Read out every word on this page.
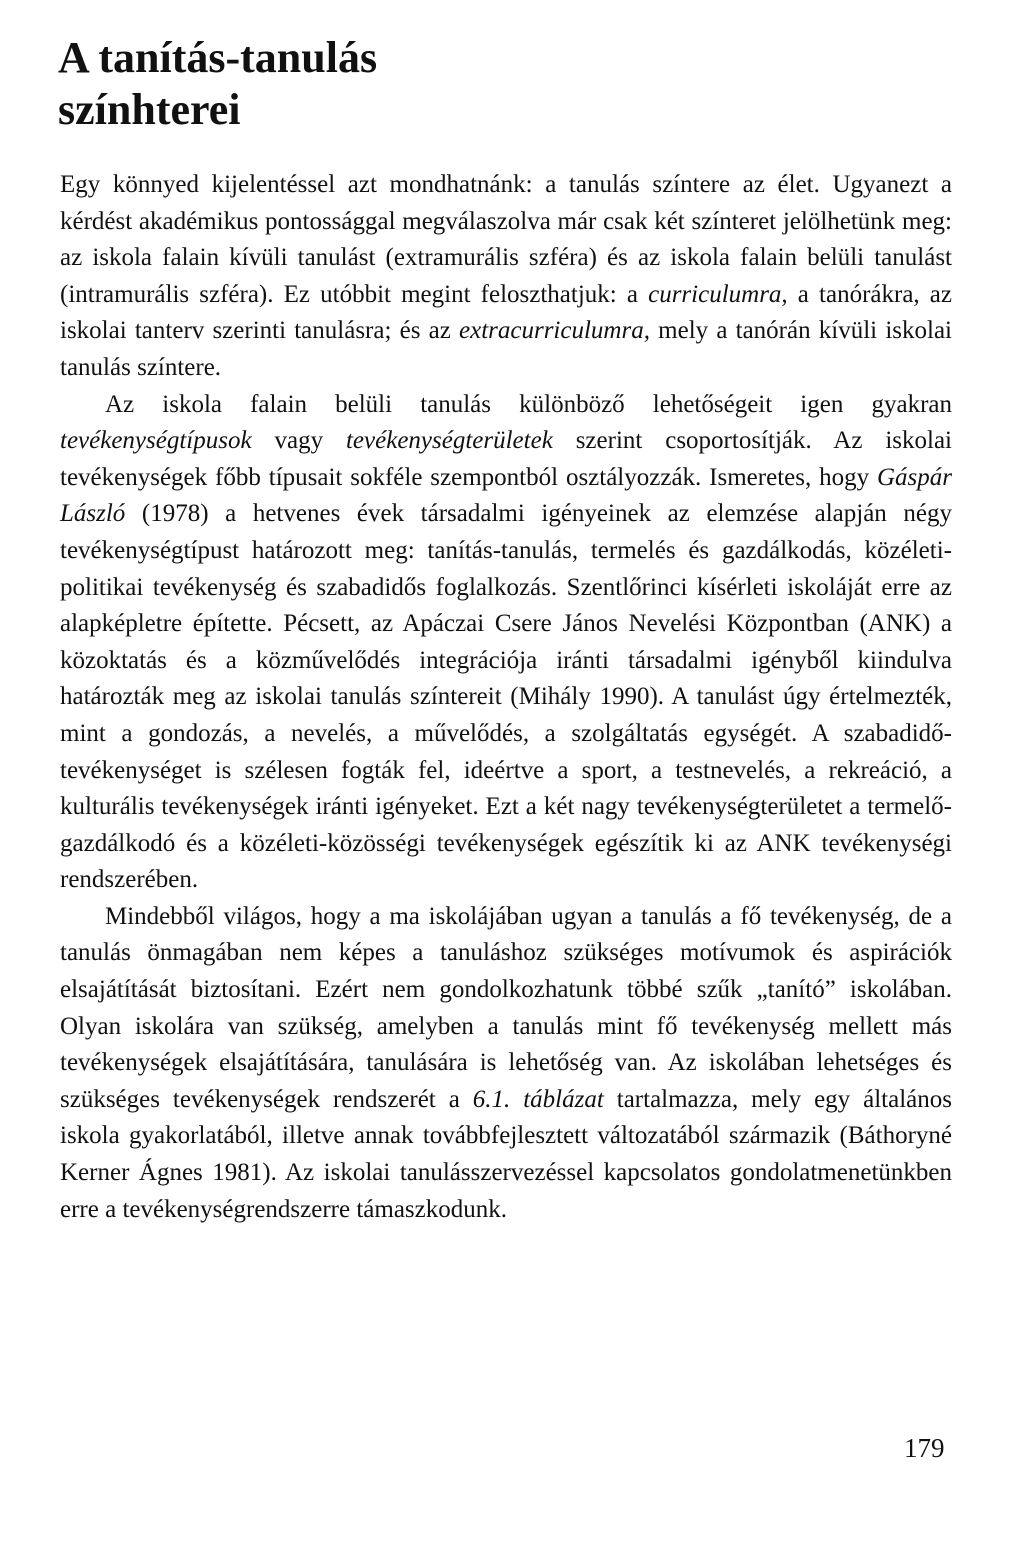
A tanítás-tanulás
színhterei

Egy könnyed kijelentéssel azt mondhatnánk: a tanulás színtere az élet. Ugyanezt a kérdést akadémikus pontossággal megválaszolva már csak két színteret jelölhetünk meg: az iskola falain kívüli tanulást (extramurális szféra) és az iskola falain belüli tanulást (intramurális szféra). Ez utóbbit megint feloszthatjuk: a curriculumra, a tanórákra, az iskolai tanterv szerinti tanulásra; és az extracurriculumra, mely a tanórán kívüli iskolai tanulás színtere.

Az iskola falain belüli tanulás különböző lehetőségeit igen gyakran tevékenységtípusok vagy tevékenységterületek szerint csoportosítják. Az iskolai tevékenységek főbb típusait sokféle szempontból osztályozzák. Ismeretes, hogy Gáspár László (1978) a hetvenes évek társadalmi igényeinek az elemzése alapján négy tevékenységtípust határozott meg: tanítás-tanulás, termelés és gazdálkodás, közéleti-politikai tevékenység és szabadidős foglalkozás. Szentlőrinci kísérleti iskoláját erre az alapképletre építette. Pécsett, az Apáczai Csere János Nevelési Központban (ANK) a közoktatás és a közművelődés integrációja iránti társadalmi igényből kiindulva határozták meg az iskolai tanulás színtereit (Mihály 1990). A tanulást úgy értelmezték, mint a gondozás, a nevelés, a művelődés, a szolgáltatás egységét. A szabadidő-tevékenységet is szélesen fogták fel, ideértve a sport, a testnevelés, a rekreáció, a kulturális tevékenységek iránti igényeket. Ezt a két nagy tevékenységterületet a termelő-gazdálkodó és a közéleti-közösségi tevékenységek egészítik ki az ANK tevékenységi rendszerében.

Mindebből világos, hogy a ma iskolájában ugyan a tanulás a fő tevékenység, de a tanulás önmagában nem képes a tanuláshoz szükséges motívumok és aspirációk elsajátítását biztosítani. Ezért nem gondolkozhatunk többé szűk „tanító” iskolában. Olyan iskolára van szükség, amelyben a tanulás mint fő tevékenység mellett más tevékenységek elsajátítására, tanulására is lehetőség van. Az iskolában lehetséges és szükséges tevékenységek rendszerét a 6.1. táblázat tartalmazza, mely egy általános iskola gyakorlatából, illetve annak továbbfejlesztett változatából származik (Báthoryné Kerner Ágnes 1981). Az iskolai tanulásszervezéssel kapcsolatos gondolatmenetünkben erre a tevékenységrendszerre támaszkodunk.

179
